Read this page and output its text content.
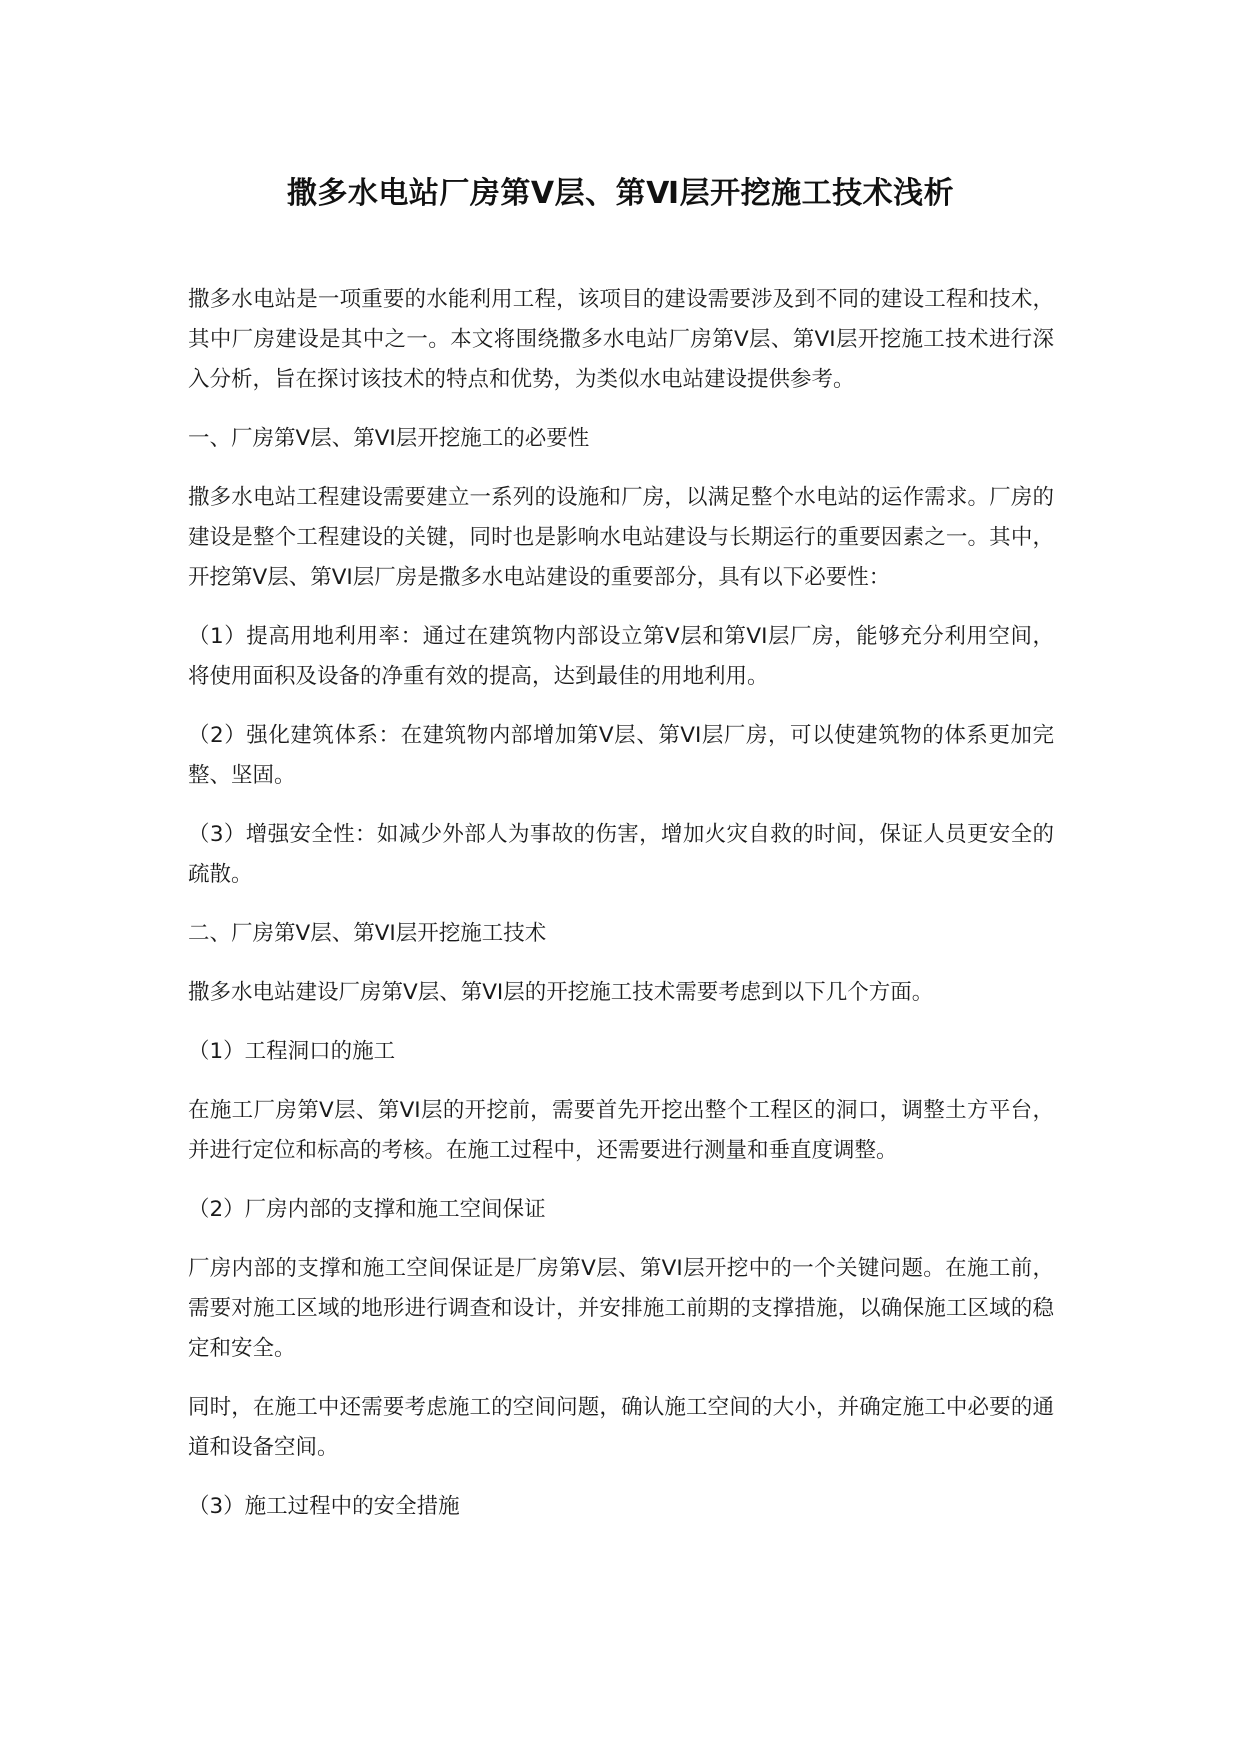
撒多水电站厂房第Ⅴ层、第Ⅵ层开挖施工技术浅析

撒多水电站是一项重要的水能利用工程，该项目的建设需要涉及到不同的建设工程和技术，其中厂房建设是其中之一。本文将围绕撒多水电站厂房第Ⅴ层、第VI层开挖施工技术进行深入分析，旨在探讨该技术的特点和优势，为类似水电站建设提供参考。

一、厂房第Ⅴ层、第VI层开挖施工的必要性

撒多水电站工程建设需要建立一系列的设施和厂房，以满足整个水电站的运作需求。厂房的建设是整个工程建设的关键，同时也是影响水电站建设与长期运行的重要因素之一。其中，开挖第Ⅴ层、第VI层厂房是撒多水电站建设的重要部分，具有以下必要性：

（1）提高用地利用率：通过在建筑物内部设立第Ⅴ层和第VI层厂房，能够充分利用空间，将使用面积及设备的净重有效的提高，达到最佳的用地利用。

（2）强化建筑体系：在建筑物内部增加第Ⅴ层、第VI层厂房，可以使建筑物的体系更加完整、坚固。

（3）增强安全性：如减少外部人为事故的伤害，增加火灾自救的时间，保证人员更安全的疏散。

二、厂房第Ⅴ层、第VI层开挖施工技术

撒多水电站建设厂房第Ⅴ层、第VI层的开挖施工技术需要考虑到以下几个方面。

（1）工程洞口的施工

在施工厂房第Ⅴ层、第VI层的开挖前，需要首先开挖出整个工程区的洞口，调整土方平台，并进行定位和标高的考核。在施工过程中，还需要进行测量和垂直度调整。

（2）厂房内部的支撑和施工空间保证

厂房内部的支撑和施工空间保证是厂房第Ⅴ层、第VI层开挖中的一个关键问题。在施工前，需要对施工区域的地形进行调查和设计，并安排施工前期的支撑措施，以确保施工区域的稳定和安全。

同时，在施工中还需要考虑施工的空间问题，确认施工空间的大小，并确定施工中必要的通道和设备空间。

（3）施工过程中的安全措施
